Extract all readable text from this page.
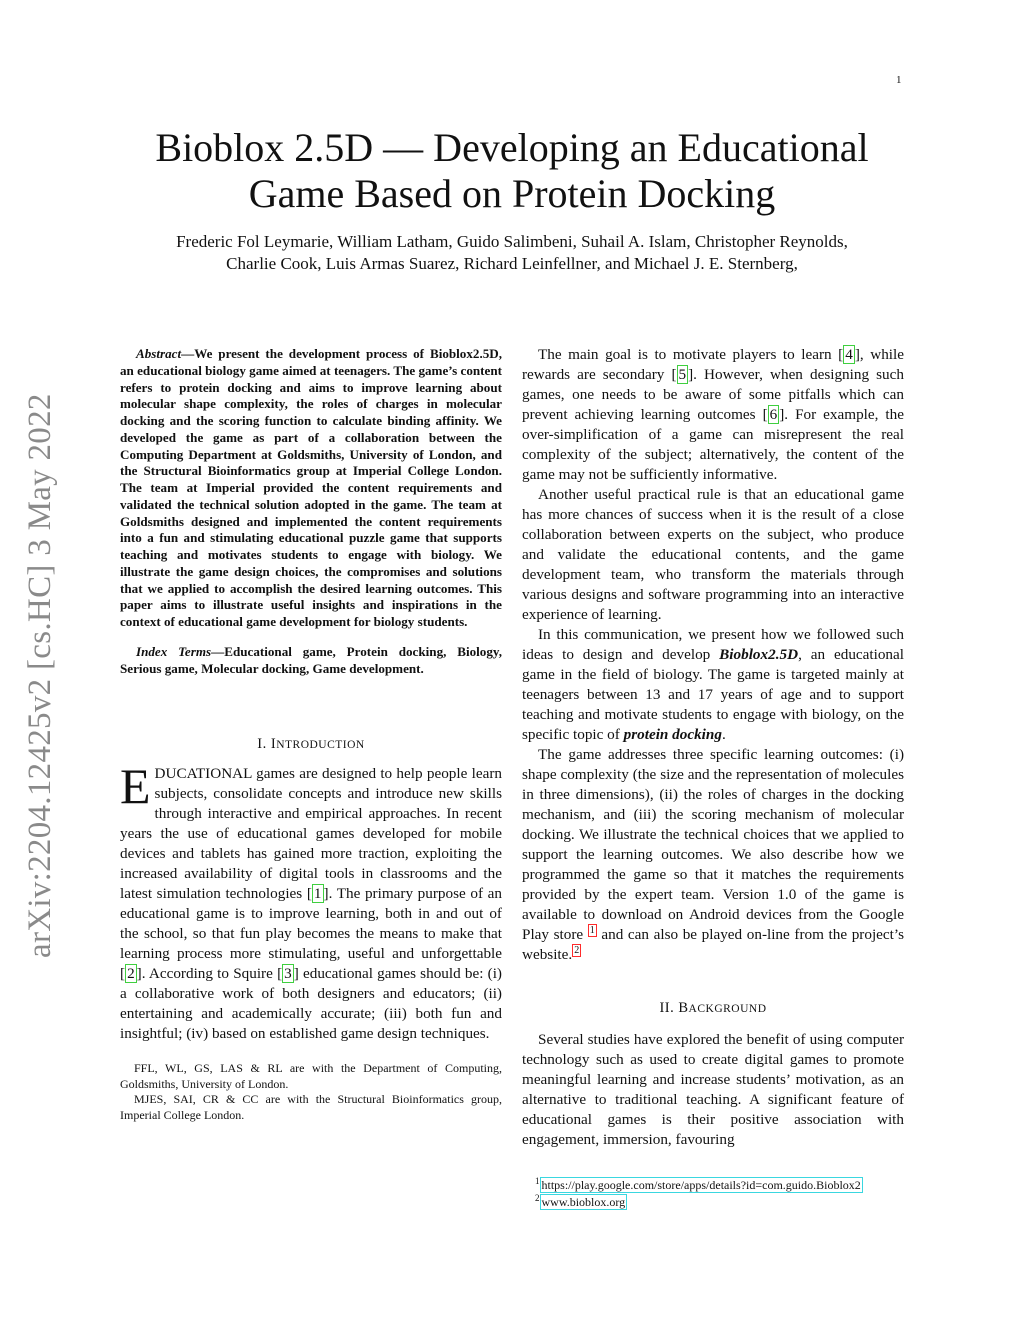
1
arXiv:2204.12425v2 [cs.HC] 3 May 2022
Bioblox 2.5D — Developing an Educational
Game Based on Protein Docking
Frederic Fol Leymarie, William Latham, Guido Salimbeni, Suhail A. Islam, Christopher Reynolds,
Charlie Cook, Luis Armas Suarez, Richard Leinfellner, and Michael J. E. Sternberg,

Abstract—We present the development process of Bioblox2.5D, an educational biology game aimed at teenagers. The game’s content refers to protein docking and aims to improve learning about molecular shape complexity, the roles of charges in molecular docking and the scoring function to calculate binding affinity. We developed the game as part of a collaboration between the Computing Department at Goldsmiths, University of London, and the Structural Bioinformatics group at Imperial College London. The team at Imperial provided the content requirements and validated the technical solution adopted in the game. The team at Goldsmiths designed and implemented the content requirements into a fun and stimulating educational puzzle game that supports teaching and motivates students to engage with biology. We illustrate the game design choices, the compromises and solutions that we applied to accomplish the desired learning outcomes. This paper aims to illustrate useful insights and inspirations in the context of educational game development for biology students.

Index Terms—Educational game, Protein docking, Biology, Serious game, Molecular docking, Game development.

I. INTRODUCTION

EDUCATIONAL games are designed to help people learn subjects, consolidate concepts and introduce new skills through interactive and empirical approaches. In recent years the use of educational games developed for mobile devices and tablets has gained more traction, exploiting the increased availability of digital tools in classrooms and the latest simulation technologies [ 1 ]. The primary purpose of an educational game is to improve learning, both in and out of the school, so that fun play becomes the means to make that learning process more stimulating, useful and unforgettable [ 2 ]. According to Squire [ 3 ] educational games should be: (i) a collaborative work of both designers and educators; (ii) entertaining and academically accurate; (iii) both fun and insightful; (iv) based on established game design techniques.

FFL, WL, GS, LAS & RL are with the Department of Computing, Goldsmiths, University of London.

MJES, SAI, CR & CC are with the Structural Bioinformatics group, Imperial College London.

The main goal is to motivate players to learn [ 4 ], while rewards are secondary [ 5 ]. However, when designing such games, one needs to be aware of some pitfalls which can prevent achieving learning outcomes [ 6 ]. For example, the over-simplification of a game can misrepresent the real complexity of the subject; alternatively, the content of the game may not be sufficiently informative.

Another useful practical rule is that an educational game has more chances of success when it is the result of a close collaboration between experts on the subject, who produce and validate the educational contents, and the game development team, who transform the materials through various designs and software programming into an interactive experience of learning.

In this communication, we present how we followed such ideas to design and develop Bioblox2.5D, an educational game in the field of biology. The game is targeted mainly at teenagers between 13 and 17 years of age and to support teaching and motivate students to engage with biology, on the specific topic of protein docking.

The game addresses three specific learning outcomes: (i) shape complexity (the size and the representation of molecules in three dimensions), (ii) the roles of charges in the docking mechanism, and (iii) the scoring mechanism of molecular docking. We illustrate the technical choices that we applied to support the learning outcomes. We also describe how we programmed the game so that it matches the requirements provided by the expert team. Version 1.0 of the game is available to download on Android devices from the Google Play store $^1$ and can also be played on-line from the project’s website. $^2$

II. BACKGROUND

Several studies have explored the benefit of using computer technology such as used to create digital games to promote meaningful learning and increase students’ motivation, as an alternative to traditional teaching. A significant feature of educational games is their positive association with engagement, immersion, favouring

$^1$ https://play.google.com/store/apps/details?id=com.guido.Bioblox2
$^2$ www.bioblox.org
